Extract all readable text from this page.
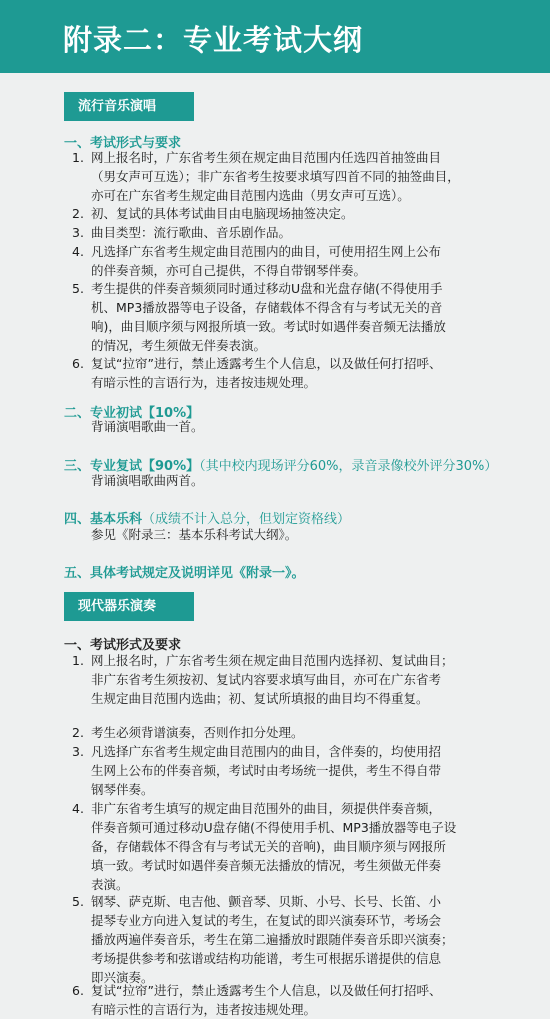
附录二：专业考试大纲
流行音乐演唱
一、考试形式与要求
1. 网上报名时，广东省考生须在规定曲目范围内任选四首抽签曲目
（男女声可互选）；非广东省考生按要求填写四首不同的抽签曲目，
亦可在广东省考生规定曲目范围内选曲（男女声可互选）。
2. 初、复试的具体考试曲目由电脑现场抽签决定。
3. 曲目类型：流行歌曲、音乐剧作品。
4. 凡选择广东省考生规定曲目范围内的曲目，可使用招生网上公布
的伴奏音频，亦可自己提供，不得自带钢琴伴奏。
5. 考生提供的伴奏音频须同时通过移动U盘和光盘存储(不得使用手
机、MP3播放器等电子设备，存储载体不得含有与考试无关的音
响)，曲目顺序须与网报所填一致。考试时如遇伴奏音频无法播放
的情况，考生须做无伴奏表演。
6. 复试“拉帘”进行，禁止透露考生个人信息，以及做任何打招呼、
有暗示性的言语行为，违者按违规处理。
二、专业初试【10%】
背诵演唱歌曲一首。
三、专业复试【90%】（其中校内现场评分60%，录音录像校外评分30%）
背诵演唱歌曲两首。
四、基本乐科（成绩不计入总分，但划定资格线）
参见《附录三：基本乐科考试大纲》。
五、具体考试规定及说明详见《附录一》。
现代器乐演奏
一、考试形式及要求
1. 网上报名时，广东省考生须在规定曲目范围内选择初、复试曲目；
非广东省考生须按初、复试内容要求填写曲目，亦可在广东省考
生规定曲目范围内选曲；初、复试所填报的曲目均不得重复。
2. 考生必须背谱演奏，否则作扣分处理。
3. 凡选择广东省考生规定曲目范围内的曲目，含伴奏的，均使用招
生网上公布的伴奏音频，考试时由考场统一提供，考生不得自带
钢琴伴奏。
4. 非广东省考生填写的规定曲目范围外的曲目，须提供伴奏音频，
伴奏音频可通过移动U盘存储(不得使用手机、MP3播放器等电子设
备，存储载体不得含有与考试无关的音响)，曲目顺序须与网报所
填一致。考试时如遇伴奏音频无法播放的情况，考生须做无伴奏
表演。
5. 钢琴、萨克斯、电吉他、颤音琴、贝斯、小号、长号、长笛、小
提琴专业方向进入复试的考生，在复试的即兴演奏环节，考场会
播放两遍伴奏音乐，考生在第二遍播放时跟随伴奏音乐即兴演奏；
考场提供参考和弦谱或结构功能谱，考生可根据乐谱提供的信息
即兴演奏。
6. 复试“拉帘”进行，禁止透露考生个人信息，以及做任何打招呼、
有暗示性的言语行为，违者按违规处理。
